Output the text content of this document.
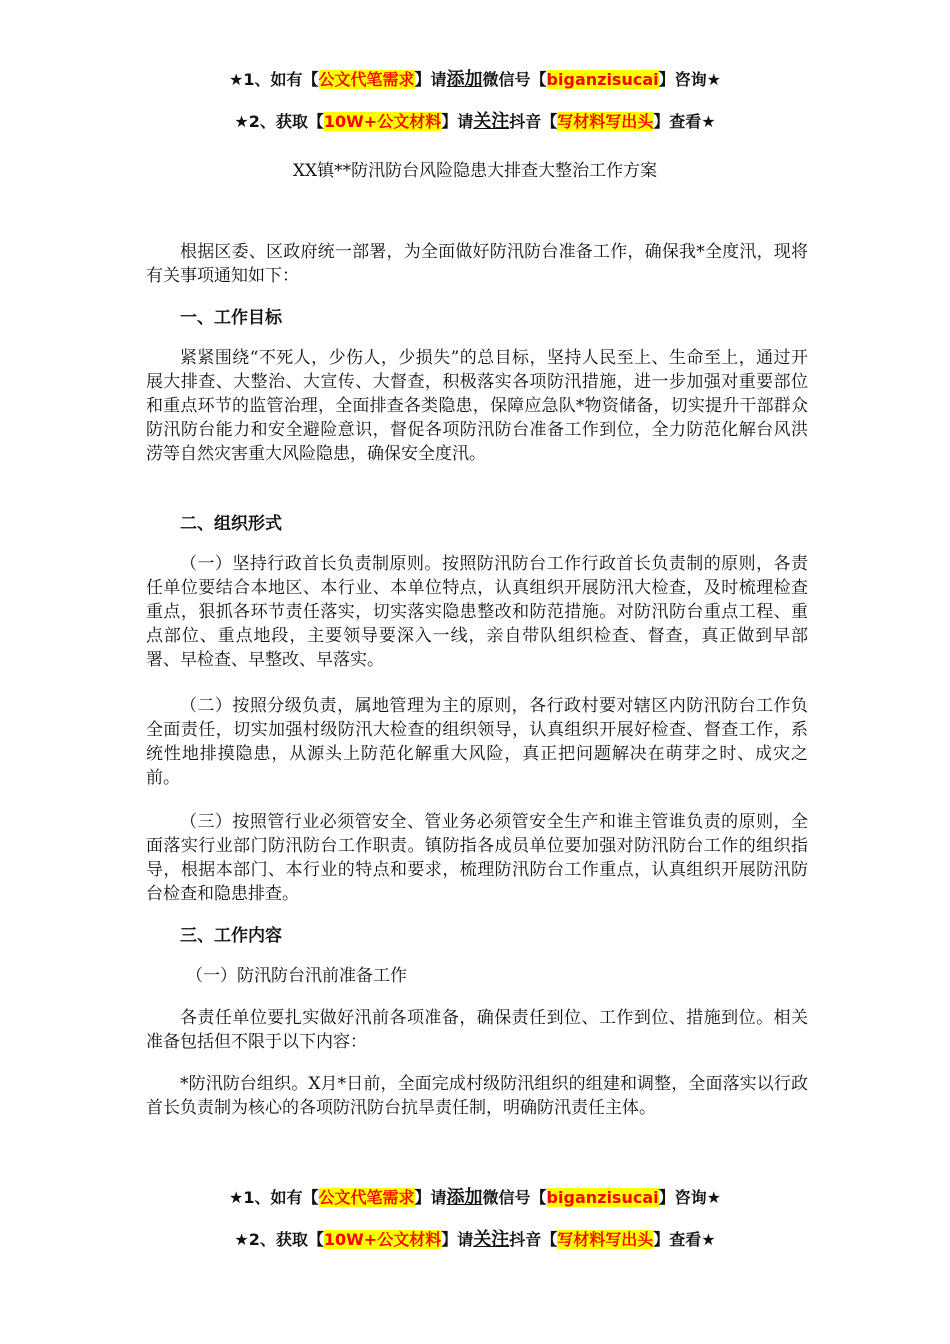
★1、如有【公文代笔需求】请添加微信号【biganzisucai】咨询★
★2、获取【10W+公文材料】请关注抖音【写材料写出头】查看★
XX镇**防汛防台风险隐患大排查大整治工作方案

根据区委、区政府统一部署，为全面做好防汛防台准备工作，确保我*全度汛，现将有关事项通知如下：

一、工作目标

紧紧围绕“不死人，少伤人，少损失”的总目标，坚持人民至上、生命至上，通过开展大排查、大整治、大宣传、大督查，积极落实各项防汛措施，进一步加强对重要部位和重点环节的监管治理，全面排查各类隐患，保障应急队*物资储备，切实提升干部群众防汛防台能力和安全避险意识，督促各项防汛防台准备工作到位，全力防范化解台风洪涝等自然灾害重大风险隐患，确保安全度汛。

二、组织形式

（一）坚持行政首长负责制原则。按照防汛防台工作行政首长负责制的原则，各责任单位要结合本地区、本行业、本单位特点，认真组织开展防汛大检查，及时梳理检查重点，狠抓各环节责任落实，切实落实隐患整改和防范措施。对防汛防台重点工程、重点部位、重点地段，主要领导要深入一线，亲自带队组织检查、督查，真正做到早部署、早检查、早整改、早落实。

（二）按照分级负责，属地管理为主的原则，各行政村要对辖区内防汛防台工作负全面责任，切实加强村级防汛大检查的组织领导，认真组织开展好检查、督查工作，系统性地排摸隐患，从源头上防范化解重大风险，真正把问题解决在萌芽之时、成灾之前。

（三）按照管行业必须管安全、管业务必须管安全生产和谁主管谁负责的原则，全面落实行业部门防汛防台工作职责。镇防指各成员单位要加强对防汛防台工作的组织指导，根据本部门、本行业的特点和要求，梳理防汛防台工作重点，认真组织开展防汛防台检查和隐患排查。

三、工作内容
（一）防汛防台汛前准备工作

各责任单位要扎实做好汛前各项准备，确保责任到位、工作到位、措施到位。相关准备包括但不限于以下内容：

*防汛防台组织。X月*日前，全面完成村级防汛组织的组建和调整，全面落实以行政首长负责制为核心的各项防汛防台抗旱责任制，明确防汛责任主体。

★1、如有【公文代笔需求】请添加微信号【biganzisucai】咨询★
★2、获取【10W+公文材料】请关注抖音【写材料写出头】查看★
